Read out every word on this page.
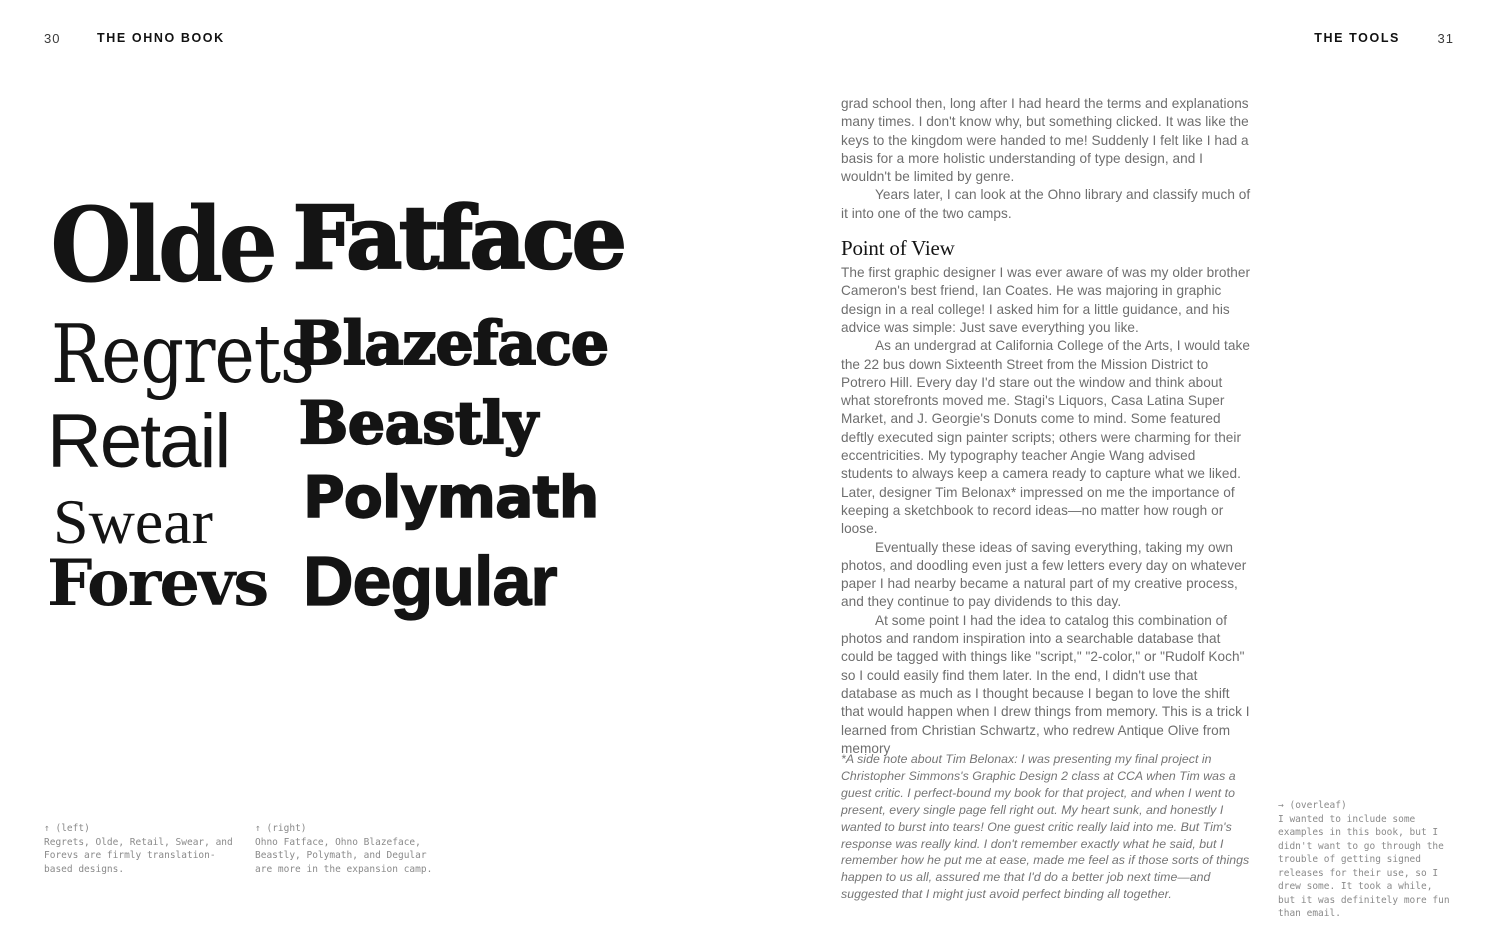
30	THE OHNO BOOK	THE TOOLS	31
Olde
Regrets
Retail
Swear
Forevs
Fatface
Blazeface
Beastly
Polymath
Degular
↑ (left)
Regrets, Olde, Retail, Swear, and Forevs are firmly translation-based designs.
↑ (right)
Ohno Fatface, Ohno Blazeface, Beastly, Polymath, and Degular are more in the expansion camp.

grad school then, long after I had heard the terms and explanations many times. I don't know why, but something clicked. It was like the keys to the kingdom were handed to me! Suddenly I felt like I had a basis for a more holistic understanding of type design, and I wouldn't be limited by genre.

Years later, I can look at the Ohno library and classify much of it into one of the two camps.

Point of View

The first graphic designer I was ever aware of was my older brother Cameron's best friend, Ian Coates. He was majoring in graphic design in a real college! I asked him for a little guidance, and his advice was simple: Just save everything you like.

As an undergrad at California College of the Arts, I would take the 22 bus down Sixteenth Street from the Mission District to Potrero Hill. Every day I'd stare out the window and think about what storefronts moved me. Stagi's Liquors, Casa Latina Super Market, and J. Georgie's Donuts come to mind. Some featured deftly executed sign painter scripts; others were charming for their eccentricities. My typography teacher Angie Wang advised students to always keep a camera ready to capture what we liked. Later, designer Tim Belonax* impressed on me the importance of keeping a sketchbook to record ideas—no matter how rough or loose.

Eventually these ideas of saving everything, taking my own photos, and doodling even just a few letters every day on whatever paper I had nearby became a natural part of my creative process, and they continue to pay dividends to this day.

At some point I had the idea to catalog this combination of photos and random inspiration into a searchable database that could be tagged with things like "script," "2-color," or "Rudolf Koch" so I could easily find them later. In the end, I didn't use that database as much as I thought because I began to love the shift that would happen when I drew things from memory. This is a trick I learned from Christian Schwartz, who redrew Antique Olive from memory

*A side note about Tim Belonax: I was presenting my final project in Christopher Simmons's Graphic Design 2 class at CCA when Tim was a guest critic. I perfect-bound my book for that project, and when I went to present, every single page fell right out. My heart sunk, and honestly I wanted to burst into tears! One guest critic really laid into me. But Tim's response was really kind. I don't remember exactly what he said, but I remember how he put me at ease, made me feel as if those sorts of things happen to us all, assured me that I'd do a better job next time—and suggested that I might just avoid perfect binding all together.
→ (overleaf)
I wanted to include some examples in this book, but I didn't want to go through the trouble of getting signed releases for their use, so I drew some. It took a while, but it was definitely more fun than email.
